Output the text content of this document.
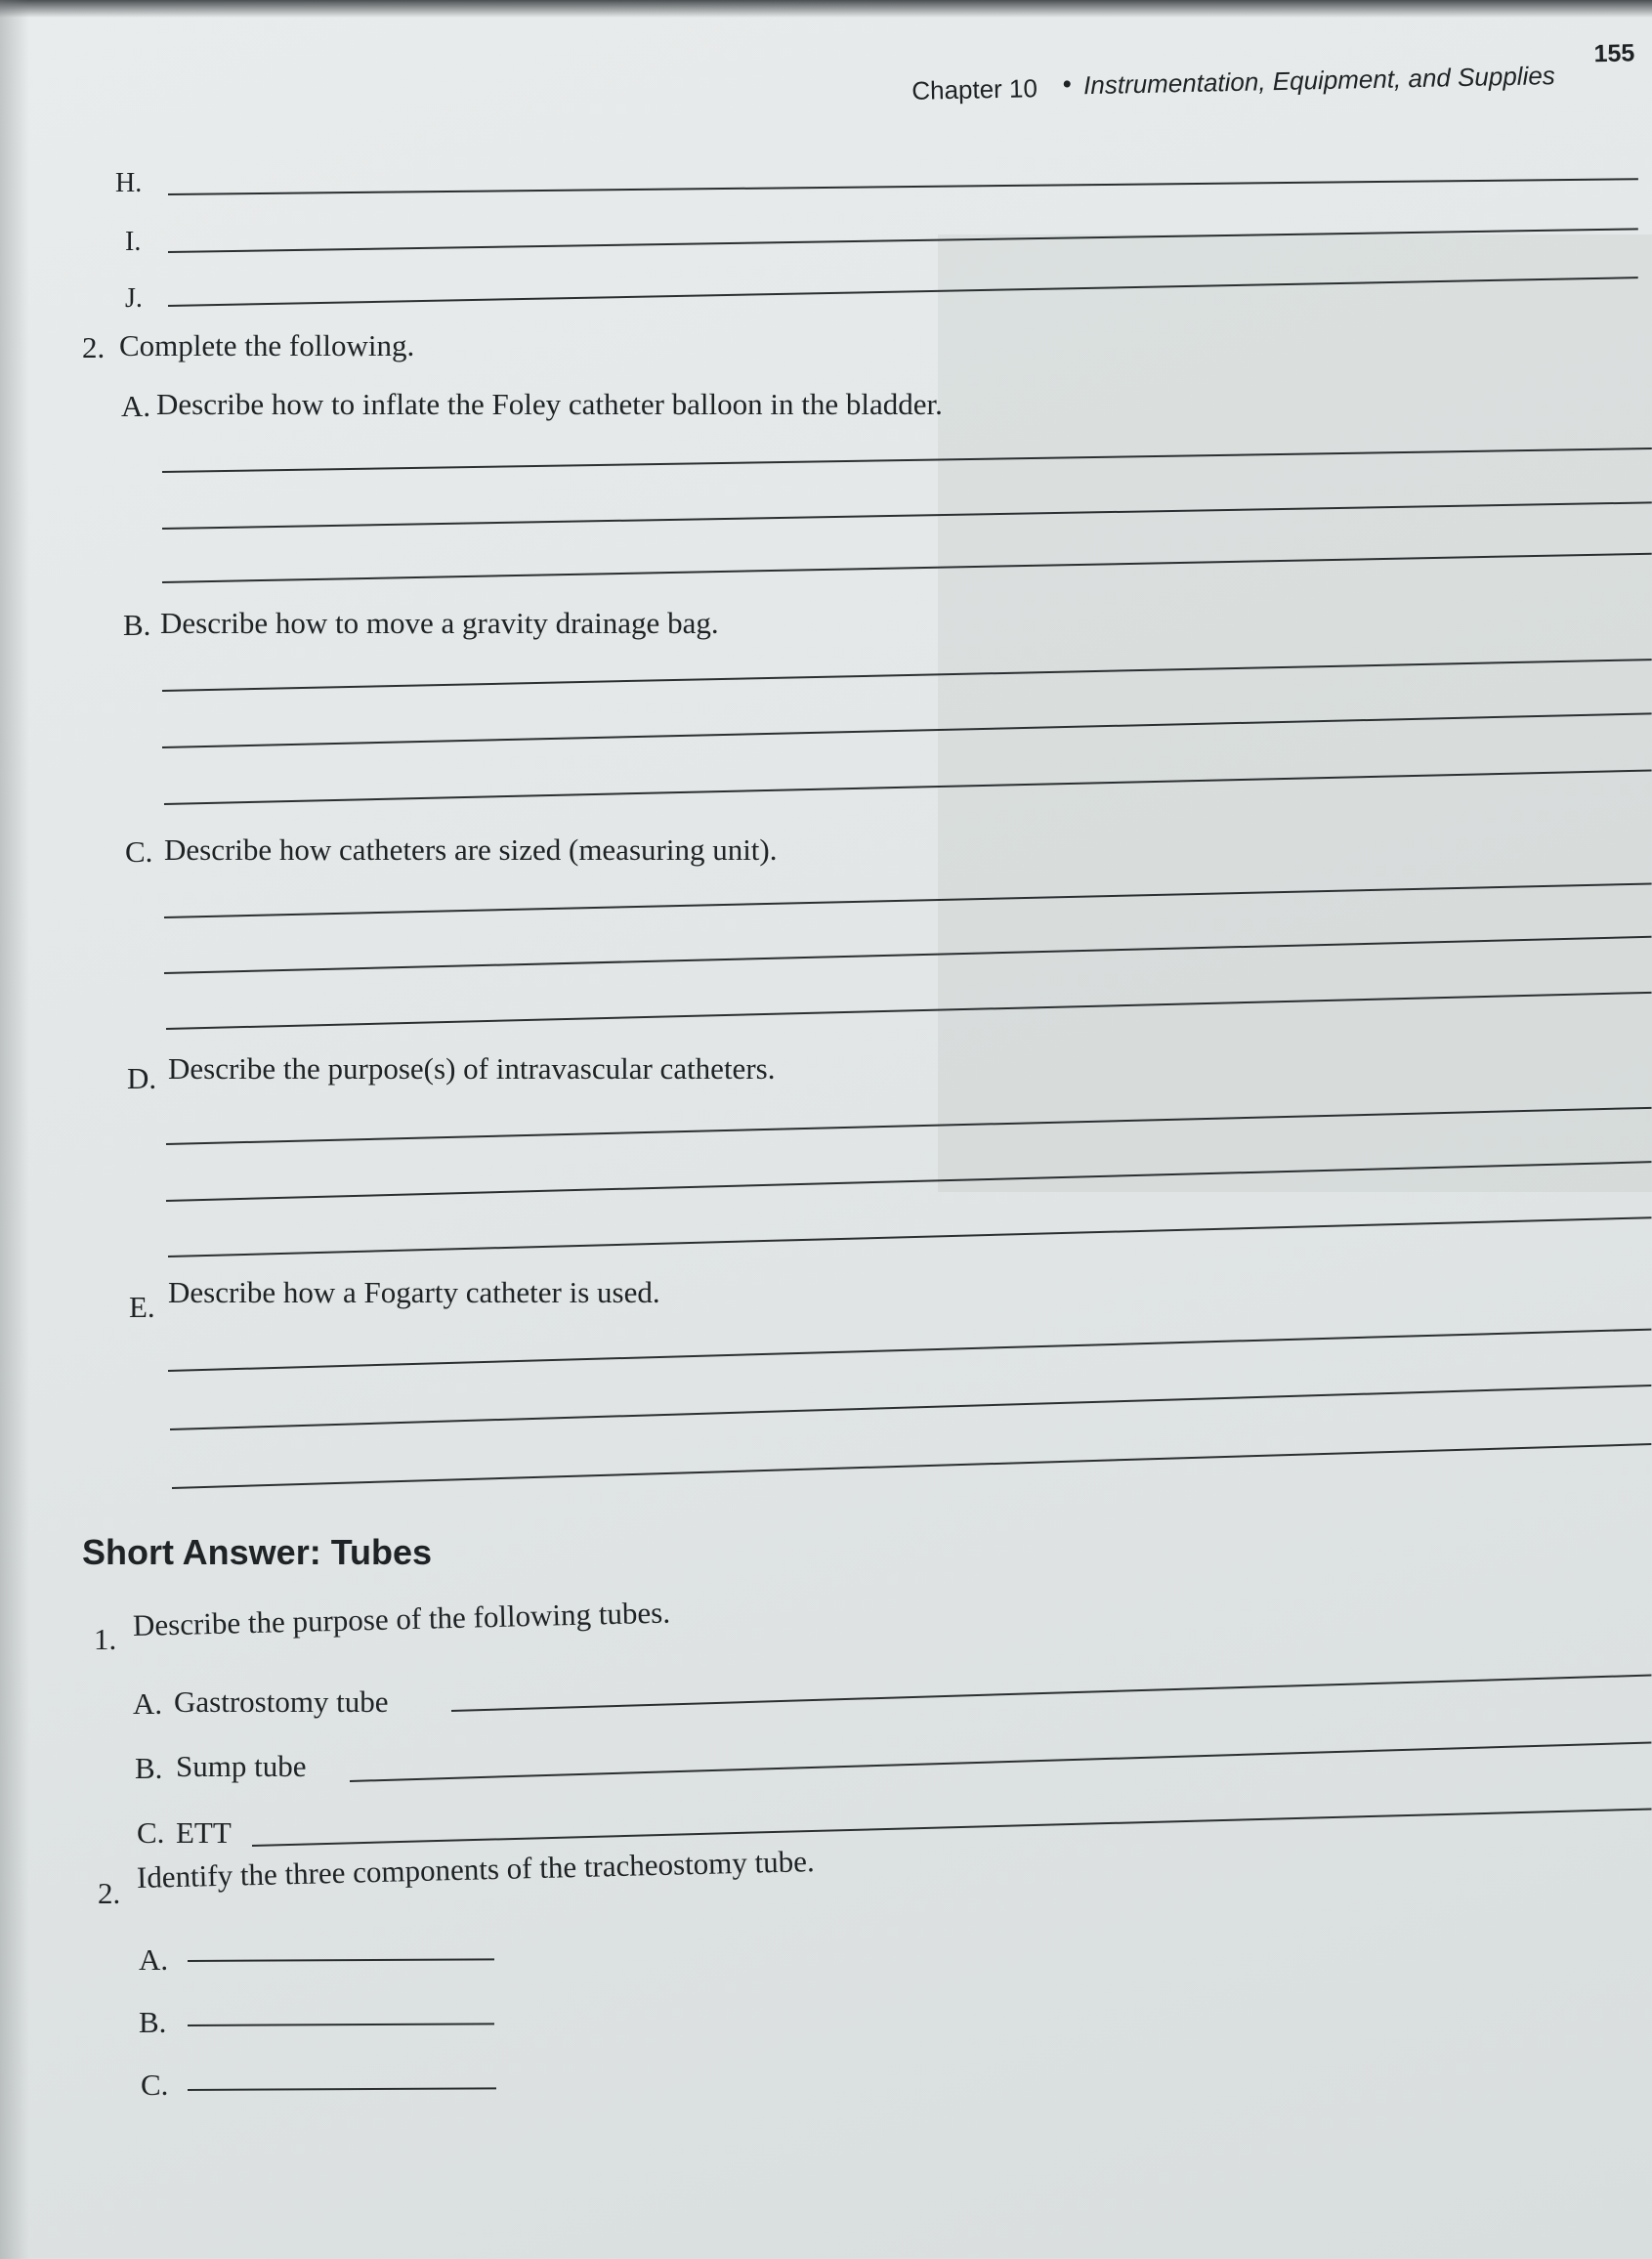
Chapter 10 • Instrumentation, Equipment, and Supplies
155
H.
I.
J.
2. Complete the following.
A. Describe how to inflate the Foley catheter balloon in the bladder.
B. Describe how to move a gravity drainage bag.
C. Describe how catheters are sized (measuring unit).
D. Describe the purpose(s) of intravascular catheters.
E. Describe how a Fogarty catheter is used.
Short Answer: Tubes
1. Describe the purpose of the following tubes.
A. Gastrostomy tube
B. Sump tube
C. ETT
2. Identify the three components of the tracheostomy tube.
A.
B.
C.
